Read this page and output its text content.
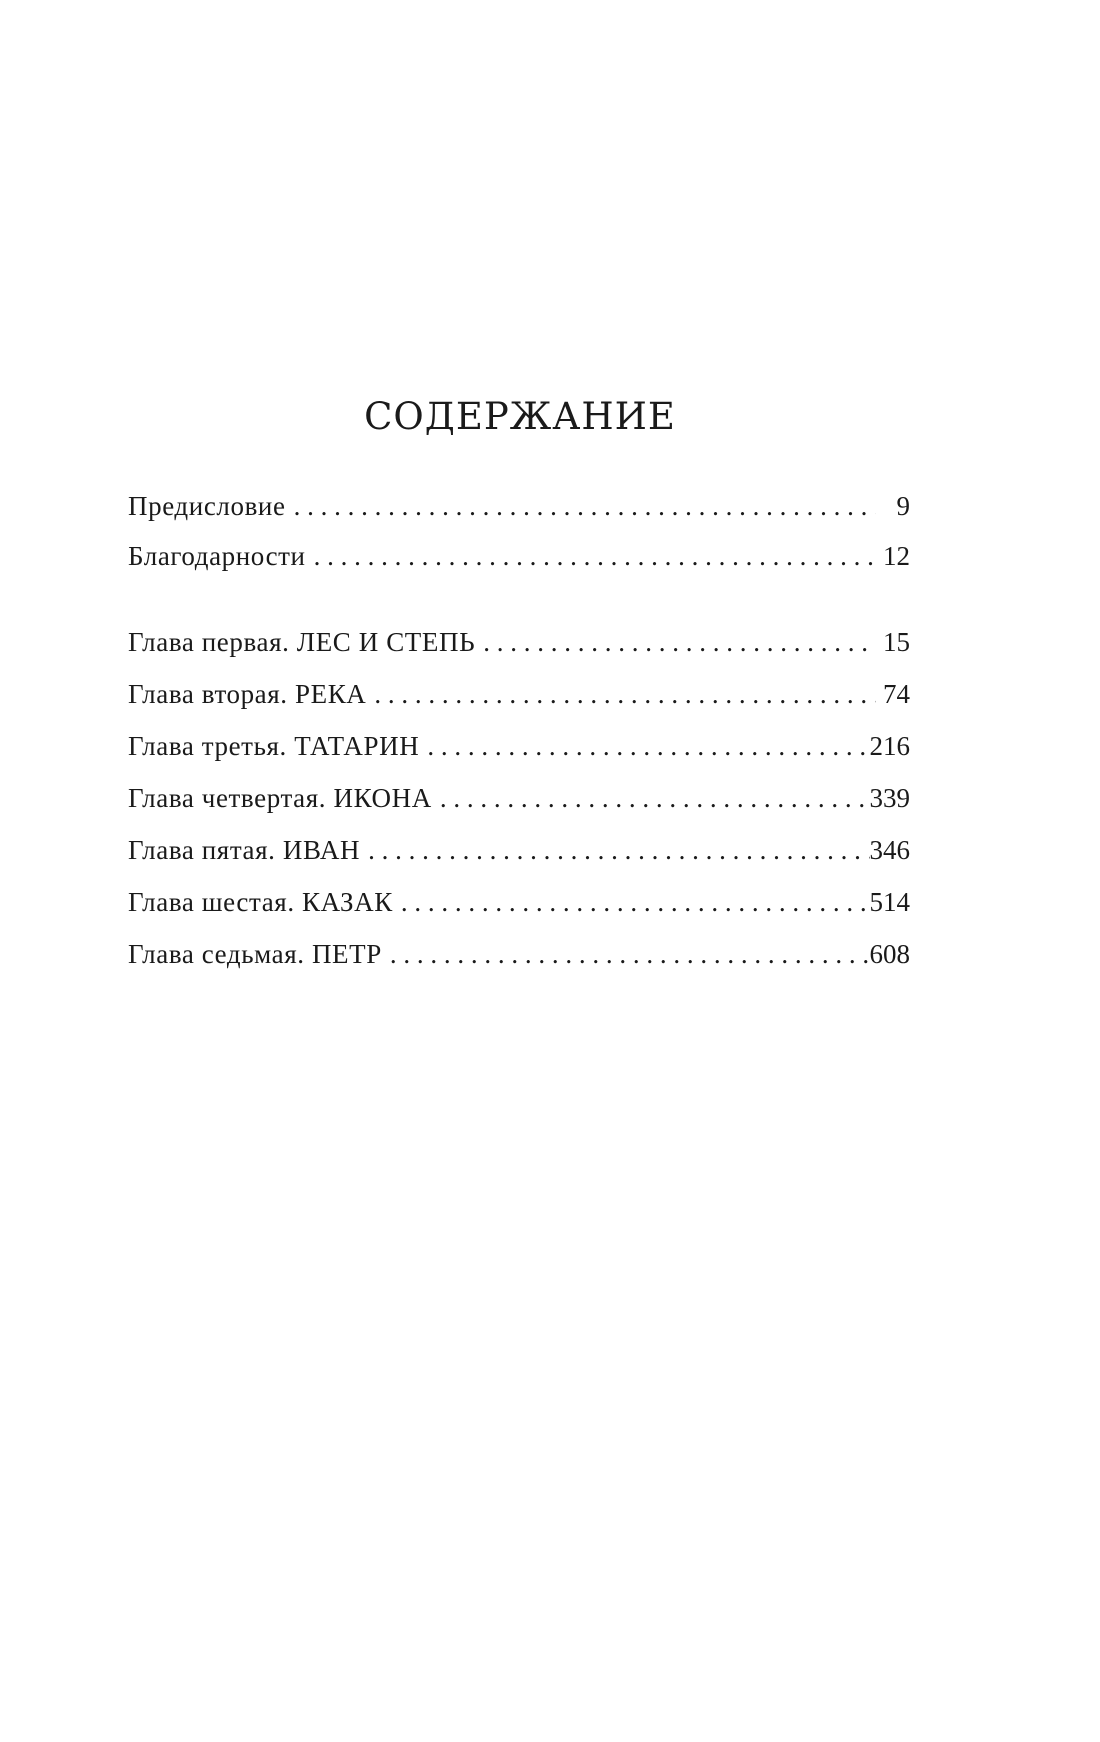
СОДЕРЖАНИЕ
Предисловие . . .	9
Благодарности . . .	12
Глава первая. ЛЕС И СТЕПЬ . . .	15
Глава вторая. РЕКА . . .	74
Глава третья. ТАТАРИН . . .	216
Глава четвертая. ИКОНА . . .	339
Глава пятая. ИВАН . . .	346
Глава шестая. КАЗАК . . .	514
Глава седьмая. ПЕТР . . .	608
